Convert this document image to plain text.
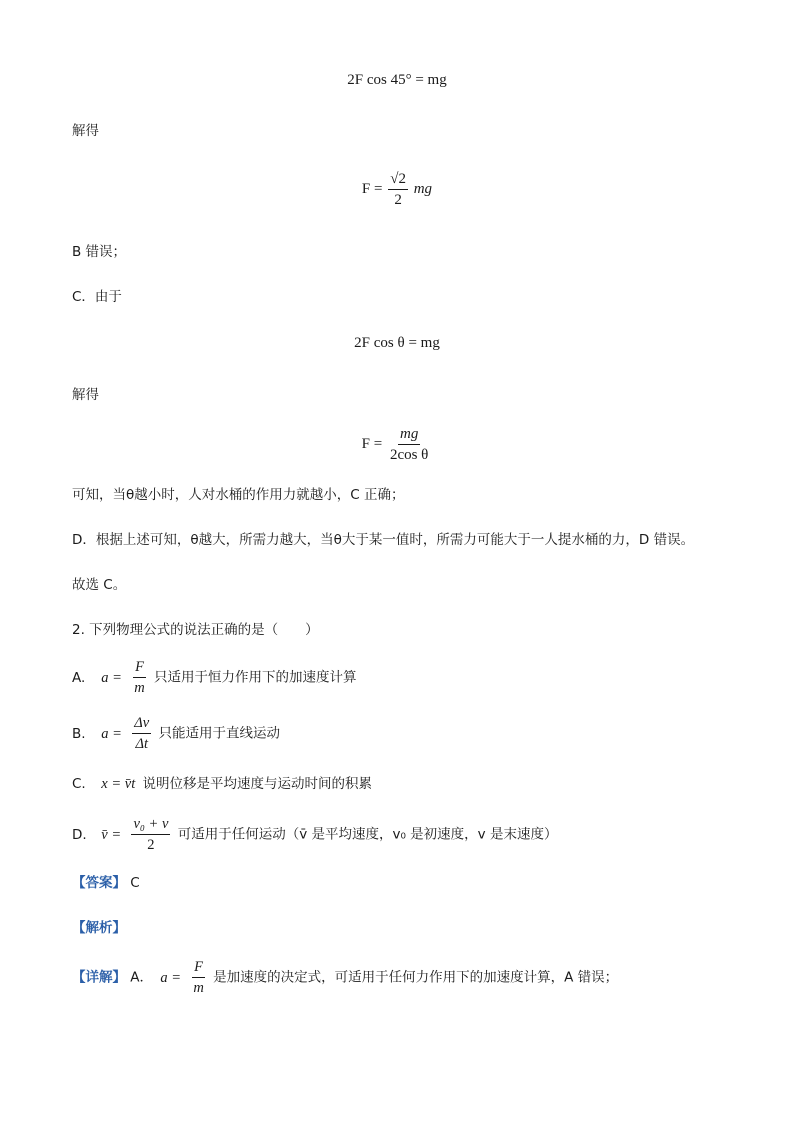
2F cos 45° = mg
解得
$F = \frac{√2}{2}$ mg
B 错误；
C．由于
2F cos θ = mg
解得
$F = \frac{mg}{\text{2cos θ}}$
可知，当θ越小时，人对水桶的作用力就越小，C 正确；
D．根据上述可知，θ越大，所需力越大，当θ大于某一值时，所需力可能大于一人提水桶的力，D 错误。
故选 C。
2. 下列物理公式的说法正确的是（　　）
A. $a = \frac{F}{m}$ 只适用于恒力作用下的加速度计算
B. $a = \frac{\Delta v}{\Delta t}$ 只能适用于直线运动
C. x = v̄t 说明位移是平均速度与运动时间的积累
D. v̄ = $\frac{\text{v₀ + v}}{2}$ 可适用于任何运动（v̄ 是平均速度，v₀ 是初速度，v 是末速度）
【答案】 C
【解析】
【详解】 A． $a = \frac{F}{m}$ 是加速度的决定式，可适用于任何力作用下的加速度计算，A 错误；
